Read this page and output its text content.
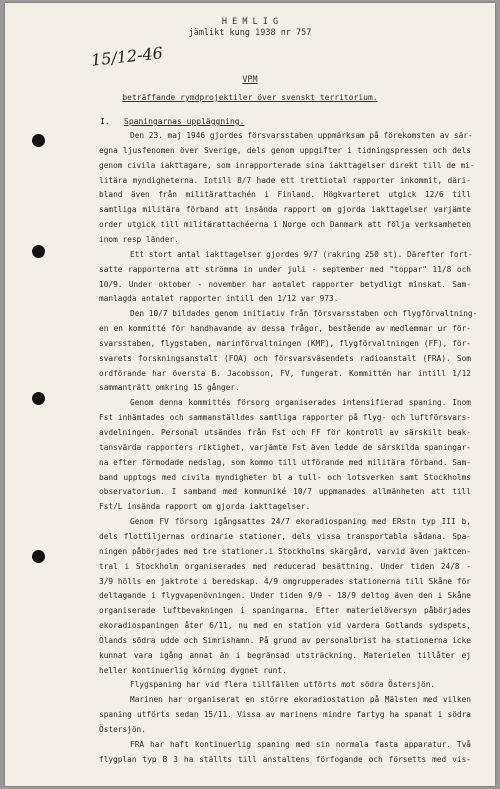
H E M L I G
jämlikt kung 1938 nr 757
15/12-46
VPM
beträffande rymdprojektiler över svenskt territorium.
I. Spaningarnas uppläggning.
Den 23. maj 1946 gjordes försvarsstaben uppmärksam på förekomsten av sär-
egna ljusfenomen över Sverige, dels genom uppgifter i tidningspressen och dels
genom civila iakttagare, som inrapporterade sina iakttagelser direkt till de mi-
litära myndigheterna. Intill 8/7 hade ett trettiotal rapporter inkommit, däri-
bland även från militärattachén i Finland. Högkvarteret utgick 12/6 till
samtliga militära förband att insända rapport om gjorda iakttagelser varjämte
order utgick till militärattachéerna i Norge och Danmark att följa verksamheten
inom resp länder.
Ett stort antal iakttagelser gjordes 9/7 (rakring 250 st). Därefter fort-
satte rapporterna att strömma in under juli - september med "toppar" 11/8 och
10/9. Under oktober - november har antalet rapporter betydligt minskat. Sam-
manlagda antalet rapporter intill den 1/12 var 973.
Den 10/7 bildades genom initiativ från försvarsstaben och flygförvaltning-
en en kommitté för handhavande av dessa frågor, bestående av medlemmar ur för-
svarsstaben, flygstaben, marinförvaltningen (KMF), flygförvaltningen (FF), för-
svarets forskningsanstalt (FOA) och försvarsväsendets radioanstalt (FRA). Som
ordförande har översta B. Jacobsson, FV, fungerat. Kommittén har intill 1/12
sammanträtt omkring 15 gånger.
Genom denna kommittés försorg organiserades intensifierad spaning. Inom
Fst inhämtades och sammanställdes samtliga rapporter på flyg- och luftförsvars-
avdelningen. Personal utsändes från Fst och FF för kontroll av särskilt beak-
tansvärda rapporters riktighet, varjämte Fst även ledde de särskilda spaningar-
na efter förmodade nedslag, som kommo till utförande med militära förband. Sam-
band upptogs med civila myndigheter bl a tull- och lotsverken samt Stockholms
observatorium. I samband med kommuniké 10/7 uppmanades allmänheten att till
Fst/L insända rapport om gjorda iakttagelser.
Genom FV försorg igångsattes 24/7 ekoradiospaning med ERstn typ III b,
dels flottiljernas ordinarie stationer, dels vissa transportabla sådana. Spa-
ningen påbörjades med tre stationer.i Stockholms skärgård, varvid även jaktcen-
tral i Stockholm organiserades med reducerad besättning. Under tiden 24/8 -
3/9 hölls en jaktrote i beredskap. 4/9 omgrupperades stationerna till Skåne för
deltagande i flygvapenövningen. Under tiden 9/9 - 18/9 deltog även den i Skåne
organiserade luftbevakningen i spaningarna. Efter materielöversyn påbörjades
ekoradiospaningen åter 6/11, nu med en station vid vardera Gotlands sydspets,
Ölands södra udde och Simrishamn. På grund av personalbrist ha stationerna icke
kunnat vara igång annat än i begränsad utsträckning. Materielen tillåter ej
heller kontinuerlig körning dygnet runt.
Flygspaning har vid flera tillfällen utförts mot södra Östersjön.
Marinen har organiserat en större ekoradiostation på Mälsten med vilken
spaning utförts sedan 15/11. Vissa av marinens mindre fartyg ha spanat i södra
Östersjön.
FRA har haft kontinuerlig spaning med sin normala fasta apparatur. Två
flygplan typ B 3 ha ställts till anstaltens förfogande och försetts med vis-
